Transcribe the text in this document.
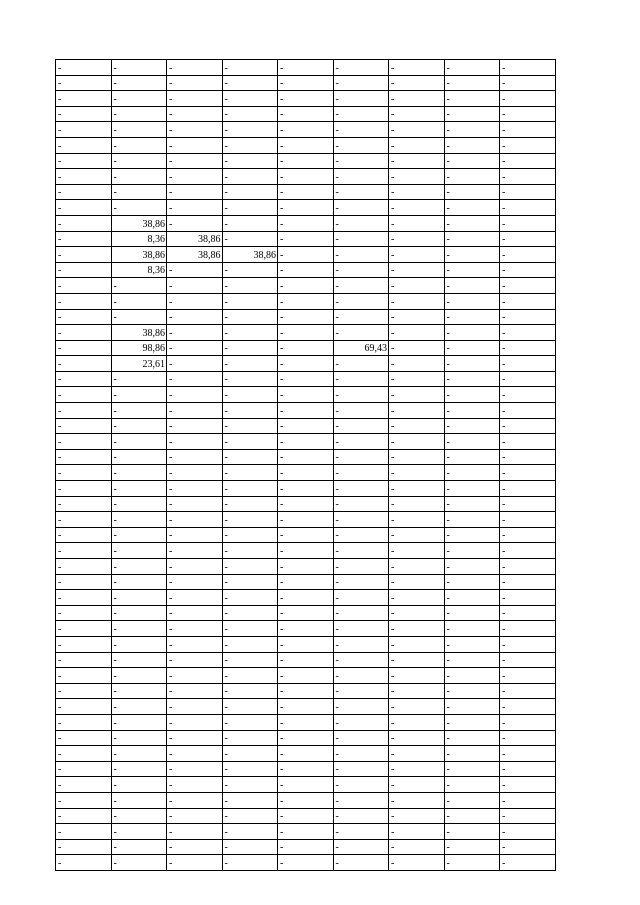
-	-	-	-	-	-	-	-	-
-	-	-	-	-	-	-	-	-
-	-	-	-	-	-	-	-	-
-	-	-	-	-	-	-	-	-
-	-	-	-	-	-	-	-	-
-	-	-	-	-	-	-	-	-
-	-	-	-	-	-	-	-	-
-	-	-	-	-	-	-	-	-
-	-	-	-	-	-	-	-	-
-	-	-	-	-	-	-	-	-
-	38,86	-	-	-	-	-	-	-
-	8,36	38,86	-	-	-	-	-	-
-	38,86	38,86	38,86	-	-	-	-	-
-	8,36	-	-	-	-	-	-	-
-	-	-	-	-	-	-	-	-
-	-	-	-	-	-	-	-	-
-	-	-	-	-	-	-	-	-
-	38,86	-	-	-	-	-	-	-
-	98,86	-	-	-	69,43	-	-	-
-	23,61	-	-	-	-	-	-	-
-	-	-	-	-	-	-	-	-
-	-	-	-	-	-	-	-	-
-	-	-	-	-	-	-	-	-
-	-	-	-	-	-	-	-	-
-	-	-	-	-	-	-	-	-
-	-	-	-	-	-	-	-	-
-	-	-	-	-	-	-	-	-
-	-	-	-	-	-	-	-	-
-	-	-	-	-	-	-	-	-
-	-	-	-	-	-	-	-	-
-	-	-	-	-	-	-	-	-
-	-	-	-	-	-	-	-	-
-	-	-	-	-	-	-	-	-
-	-	-	-	-	-	-	-	-
-	-	-	-	-	-	-	-	-
-	-	-	-	-	-	-	-	-
-	-	-	-	-	-	-	-	-
-	-	-	-	-	-	-	-	-
-	-	-	-	-	-	-	-	-
-	-	-	-	-	-	-	-	-
-	-	-	-	-	-	-	-	-
-	-	-	-	-	-	-	-	-
-	-	-	-	-	-	-	-	-
-	-	-	-	-	-	-	-	-
-	-	-	-	-	-	-	-	-
-	-	-	-	-	-	-	-	-
-	-	-	-	-	-	-	-	-
-	-	-	-	-	-	-	-	-
-	-	-	-	-	-	-	-	-
-	-	-	-	-	-	-	-	-
-	-	-	-	-	-	-	-	-
-	-	-	-	-	-	-	-	-
